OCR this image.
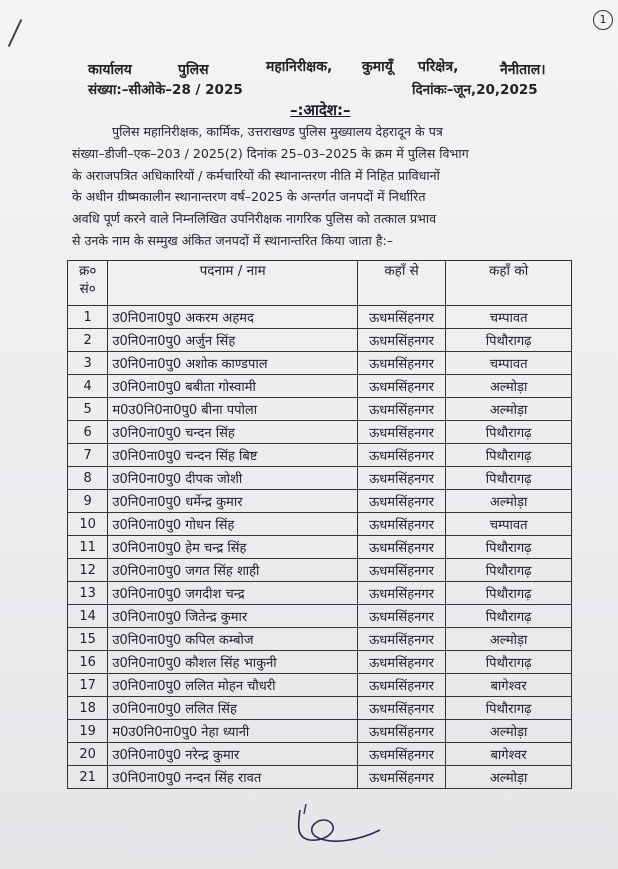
1
कार्यालय	पुलिस	महानिरीक्षक, कुमायूँ परिक्षेत्र,	नैनीताल।
संख्या:–सीओके–28 / 2025	दिनांकः–जून,20,2025
–:आदेश:–
पुलिस महानिरीक्षक, कार्मिक, उत्तराखण्ड पुलिस मुख्यालय देहरादून के पत्र
संख्या–डीजी–एक–203 / 2025(2) दिनांक 25–03–2025 के क्रम में पुलिस विभाग
के अराजपत्रित अधिकारियों / कर्मचारियों की स्थानान्तरण नीति में निहित प्राविधानों
के अधीन ग्रीष्मकालीन स्थानान्तरण वर्ष–2025 के अन्तर्गत जनपदों में निर्धारित
अवधि पूर्ण करने वाले निम्नलिखित उपनिरीक्षक नागरिक पुलिस को तत्काल प्रभाव
से उनके नाम के सम्मुख अंकित जनपदों में स्थानान्तरित किया जाता है:–
क्र० सं०	पदनाम / नाम	कहाँ से	कहाँ को
1	उ0नि0ना0पु0 अकरम अहमद	ऊधमसिंहनगर	चम्पावत
2	उ0नि0ना0पु0 अर्जुन सिंह	ऊधमसिंहनगर	पिथौरागढ़
3	उ0नि0ना0पु0 अशोक काण्डपाल	ऊधमसिंहनगर	चम्पावत
4	उ0नि0ना0पु0 बबीता गोस्वामी	ऊधमसिंहनगर	अल्मोड़ा
5	म0उ0नि0ना0पु0 बीना पपोला	ऊधमसिंहनगर	अल्मोड़ा
6	उ0नि0ना0पु0 चन्दन सिंह	ऊधमसिंहनगर	पिथौरागढ़
7	उ0नि0ना0पु0 चन्दन सिंह बिष्ट	ऊधमसिंहनगर	पिथौरागढ़
8	उ0नि0ना0पु0 दीपक जोशी	ऊधमसिंहनगर	पिथौरागढ़
9	उ0नि0ना0पु0 धर्मेन्द्र कुमार	ऊधमसिंहनगर	अल्मोड़ा
10	उ0नि0ना0पु0 गोधन सिंह	ऊधमसिंहनगर	चम्पावत
11	उ0नि0ना0पु0 हेम चन्द्र सिंह	ऊधमसिंहनगर	पिथौरागढ़
12	उ0नि0ना0पु0 जगत सिंह शाही	ऊधमसिंहनगर	पिथौरागढ़
13	उ0नि0ना0पु0 जगदीश चन्द्र	ऊधमसिंहनगर	पिथौरागढ़
14	उ0नि0ना0पु0 जितेन्द्र कुमार	ऊधमसिंहनगर	पिथौरागढ़
15	उ0नि0ना0पु0 कपिल कम्बोज	ऊधमसिंहनगर	अल्मोड़ा
16	उ0नि0ना0पु0 कौशल सिंह भाकुनी	ऊधमसिंहनगर	पिथौरागढ़
17	उ0नि0ना0पु0 ललित मोहन चौधरी	ऊधमसिंहनगर	बागेश्वर
18	उ0नि0ना0पु0 ललित सिंह	ऊधमसिंहनगर	पिथौरागढ़
19	म0उ0नि0ना0पु0 नेहा ध्यानी	ऊधमसिंहनगर	अल्मोड़ा
20	उ0नि0ना0पु0 नरेन्द्र कुमार	ऊधमसिंहनगर	बागेश्वर
21	उ0नि0ना0पु0 नन्दन सिंह रावत	ऊधमसिंहनगर	अल्मोड़ा
